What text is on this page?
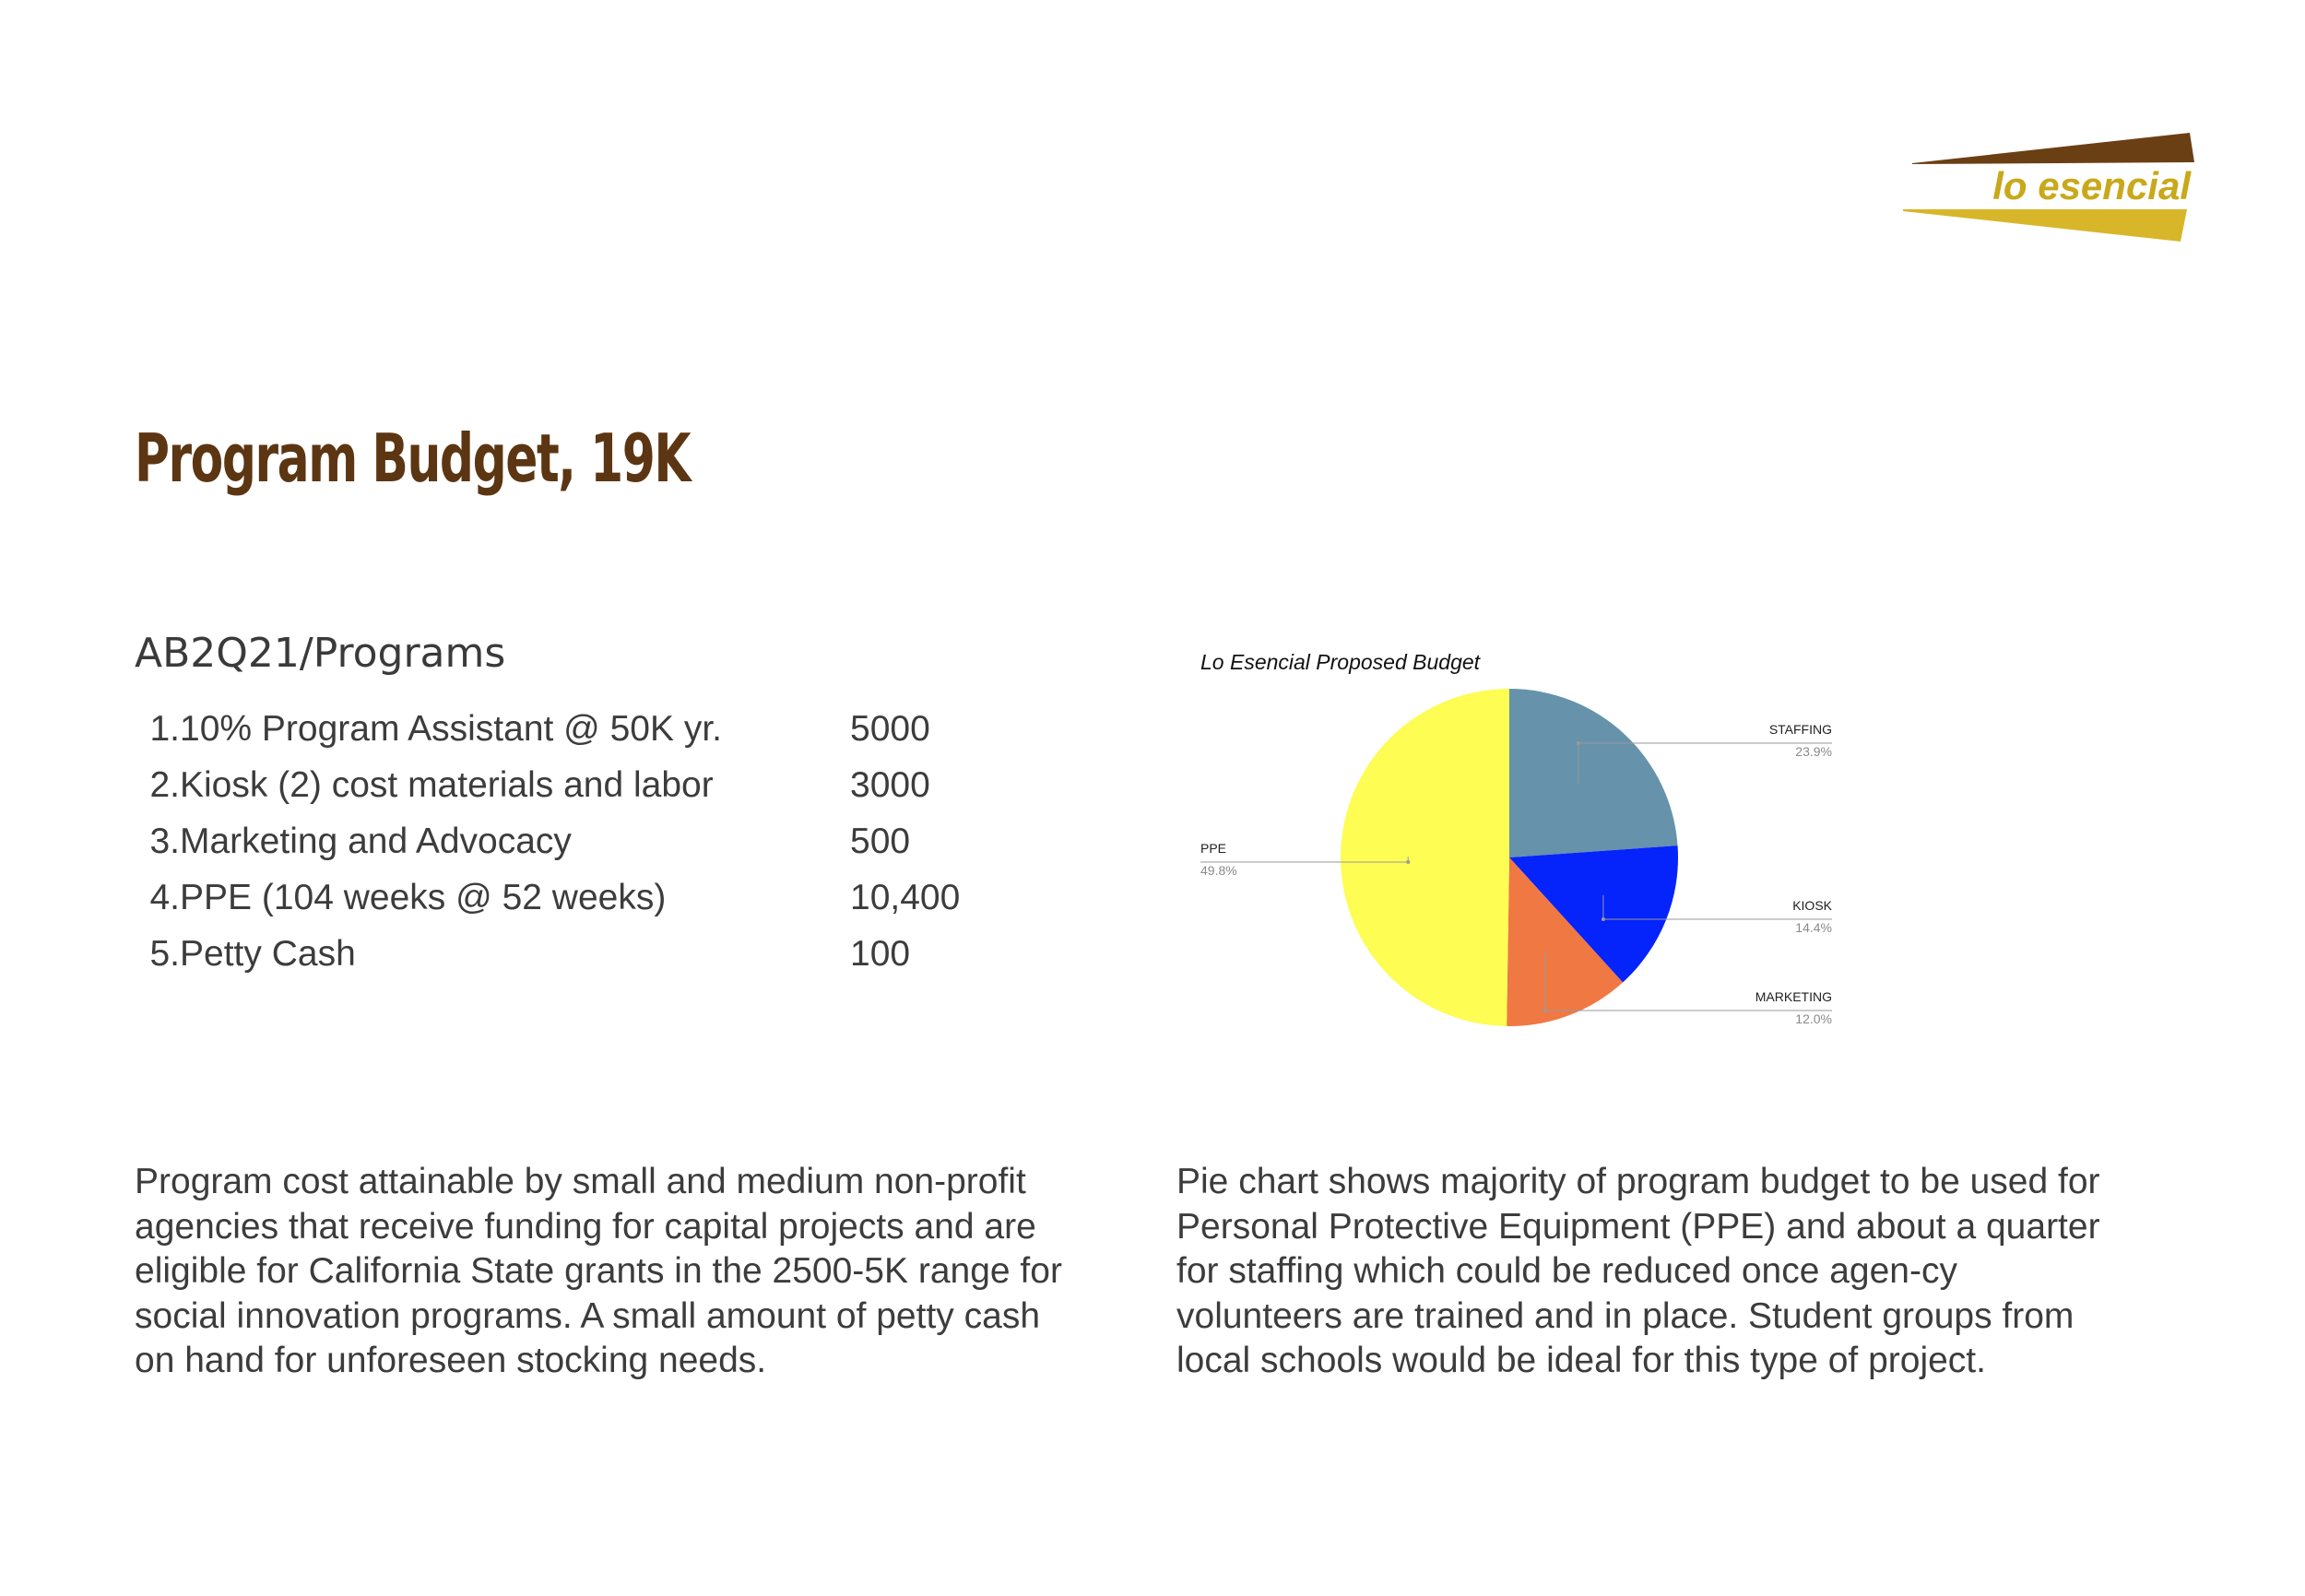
lo esencial
Program Budget, 19K
AB2Q21/Programs
1. 10% Program Assistant @ 50K yr.	5000
2. Kiosk (2) cost materials and labor	3000
3. Marketing and Advocacy	500
4. PPE (104 weeks @ 52 weeks)	10,400
5. Petty Cash	100
Lo Esencial Proposed Budget
STAFFING
23.9%
KIOSK
14.4%
MARKETING
12.0%
PPE
49.8%
Program cost attainable by small and medium non-profit agencies that receive funding for capital projects and are eligible for California State grants in the 2500-5K range for social innovation programs. A small amount of petty cash on hand for unforeseen stocking needs.
Pie chart shows majority of program budget to be used for Personal Protective Equipment (PPE) and about a quarter for staffing which could be reduced once agen-cy volunteers are trained and in place. Student groups from local schools would be ideal for this type of project.
